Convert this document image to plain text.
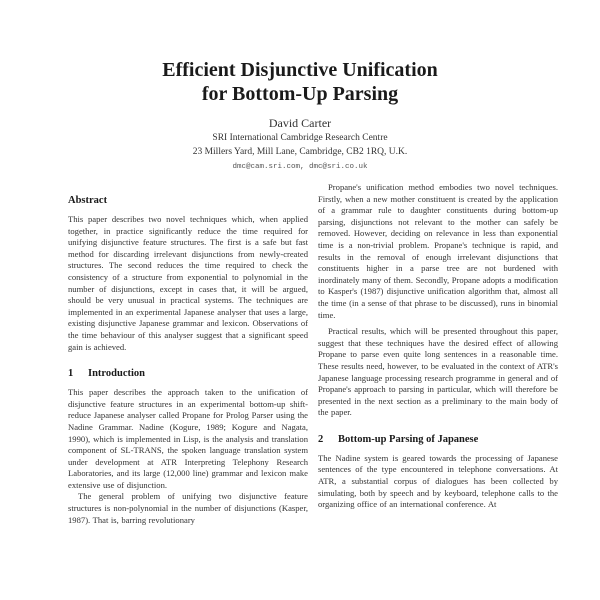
Efficient Disjunctive Unification
for Bottom-Up Parsing
David Carter
SRI International Cambridge Research Centre
23 Millers Yard, Mill Lane, Cambridge, CB2 1RQ, U.K.
dmc@cam.sri.com, dmc@sri.co.uk
Abstract

This paper describes two novel techniques which, when applied together, in practice significantly reduce the time required for unifying disjunctive feature structures. The first is a safe but fast method for discarding irrelevant disjunctions from newly-created structures. The second reduces the time required to check the consistency of a structure from exponential to polynomial in the number of disjunctions, except in cases that, it will be argued, should be very unusual in practical systems. The techniques are implemented in an experimental Japanese analyser that uses a large, existing disjunctive Japanese grammar and lexicon. Observations of the time behaviour of this analyser suggest that a significant speed gain is achieved.

1 Introduction

This paper describes the approach taken to the unification of disjunctive feature structures in an experimental bottom-up shift-reduce Japanese analyser called Propane for Prolog Parser using the Nadine Grammar. Nadine (Kogure, 1989; Kogure and Nagata, 1990), which is implemented in Lisp, is the analysis and translation component of SL-TRANS, the spoken language translation system under development at ATR Interpreting Telephony Research Laboratories, and its large (12,000 line) grammar and lexicon make extensive use of disjunction.

The general problem of unifying two disjunctive feature structures is non-polynomial in the number of disjunctions (Kasper, 1987). That is, barring revolutionary

Propane's unification method embodies two novel techniques. Firstly, when a new mother constituent is created by the application of a grammar rule to daughter constituents during bottom-up parsing, disjunctions not relevant to the mother can safely be removed. However, deciding on relevance in less than exponential time is a non-trivial problem. Propane's technique is rapid, and results in the removal of enough irrelevant disjunctions that constituents higher in a parse tree are not burdened with inordinately many of them. Secondly, Propane adopts a modification to Kasper's (1987) disjunctive unification algorithm that, almost all the time (in a sense of that phrase to be discussed), runs in binomial time.

Practical results, which will be presented throughout this paper, suggest that these techniques have the desired effect of allowing Propane to parse even quite long sentences in a reasonable time. These results need, however, to be evaluated in the context of ATR's Japanese language processing research programme in general and of Propane's approach to parsing in particular, which will therefore be presented in the next section as a preliminary to the main body of the paper.

2 Bottom-up Parsing of Japanese

The Nadine system is geared towards the processing of Japanese sentences of the type encountered in telephone conversations. At ATR, a substantial corpus of dialogues has been collected by simulating, both by speech and by keyboard, telephone calls to the organizing office of an international conference. At
